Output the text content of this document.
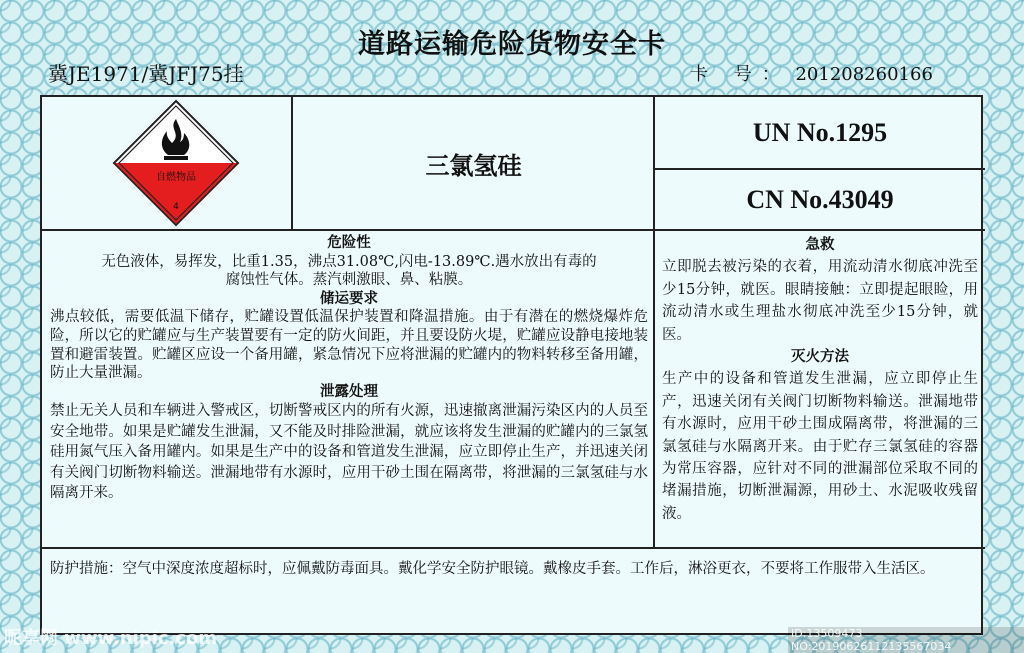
道路运输危险货物安全卡
冀JE1971/冀JFJ75挂	卡 号： 201208260166
自燃物品
4
三氯氢硅
UN No.1295
CN No.43049
危险性
无色液体，易挥发，比重1.35，沸点31.08℃,闪电-13.89℃.遇水放出有毒的
腐蚀性气体。蒸汽刺激眼、鼻、粘膜。
储运要求
沸点较低，需要低温下储存，贮罐设置低温保护装置和降温措施。由于有潜在的燃烧爆炸危险，所以它的贮罐应与生产装置要有一定的防火间距，并且要设防火堤，贮罐应设静电接地装置和避雷装置。贮罐区应设一个备用罐，紧急情况下应将泄漏的贮罐内的物料转移至备用罐，防止大量泄漏。
泄露处理
禁止无关人员和车辆进入警戒区，切断警戒区内的所有火源，迅速撤离泄漏污染区内的人员至安全地带。如果是贮罐发生泄漏，又不能及时排险泄漏，就应该将发生泄漏的贮罐内的三氯氢硅用氮气压入备用罐内。如果是生产中的设备和管道发生泄漏，应立即停止生产，并迅速关闭有关阀门切断物料输送。泄漏地带有水源时，应用干砂土围在隔离带，将泄漏的三氯氢硅与水隔离开来。
急救
立即脱去被污染的衣着，用流动清水彻底冲洗至少15分钟，就医。眼睛接触：立即提起眼睑，用流动清水或生理盐水彻底冲洗至少15分钟，就医。
灭火方法
生产中的设备和管道发生泄漏，应立即停止生产，迅速关闭有关阀门切断物料输送。泄漏地带有水源时，应用干砂土围成隔离带，将泄漏的三氯氢硅与水隔离开来。由于贮存三氯氢硅的容器为常压容器，应针对不同的泄漏部位采取不同的堵漏措施，切断泄漏源，用砂土、水泥吸收残留液。
防护措施：空气中深度浓度超标时，应佩戴防毒面具。戴化学安全防护眼镜。戴橡皮手套。工作后，淋浴更衣，不要将工作服带入生活区。
昵享网 www.nipic.com	ID:13509473 NO:20190626112135567034
